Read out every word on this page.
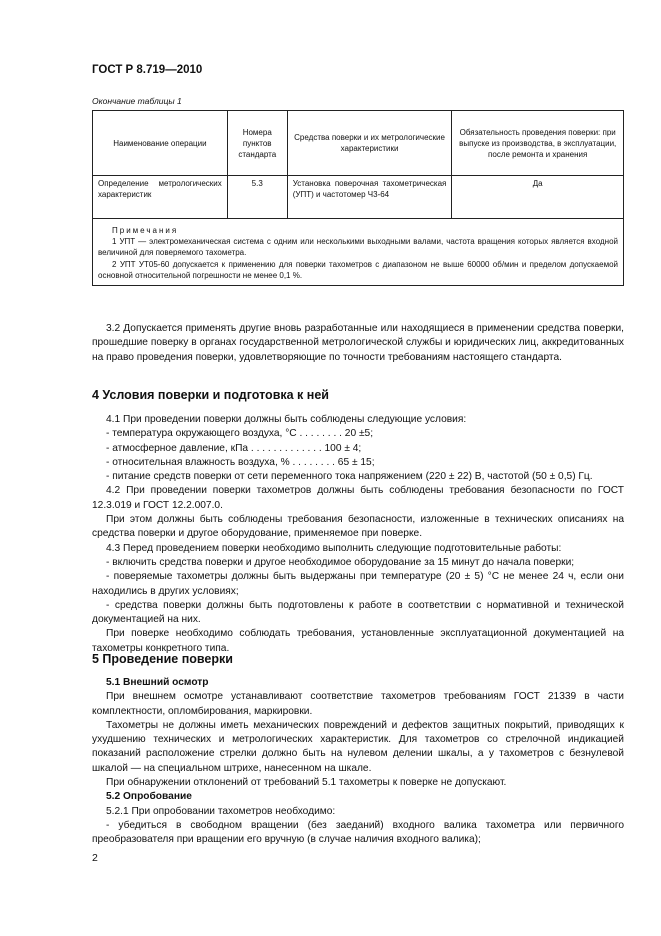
ГОСТ Р 8.719—2010

Окончание таблицы 1

Наименование операции	Номера пунктов стандарта	Средства поверки и их метрологические характеристики	Обязательность проведения поверки: при выпуске из производства, в эксплуатации, после ремонта и хранения
Определение метрологических характеристик	5.3	Установка поверочная тахометрическая (УПТ) и частотомер Ч3-64	Да

Примечания

1 УПТ — электромеханическая система с одним или несколькими выходными валами, частота вращения которых является входной величиной для поверяемого тахометра.

2 УПТ УТ05-60 допускается к применению для поверки тахометров с диапазоном не выше 60000 об/мин и пределом допускаемой основной относительной погрешности не менее 0,1 %.			

3.2 Допускается применять другие вновь разработанные или находящиеся в применении средства поверки, прошедшие поверку в органах государственной метрологической службы и юридических лиц, аккредитованных на право проведения поверки, удовлетворяющие по точности требованиям настоящего стандарта.

4 Условия поверки и подготовка к ней

4.1 При проведении поверки должны быть соблюдены следующие условия:

- температура окружающего воздуха, °С . . . . . . . . 20 ±5;
- атмосферное давление, кПа . . . . . . . . . . . . . 100 ± 4;
- относительная влажность воздуха, % . . . . . . . . 65 ± 15;

- питание средств поверки от сети переменного тока напряжением (220 ± 22) В, частотой (50 ± 0,5) Гц.

4.2 При проведении поверки тахометров должны быть соблюдены требования безопасности по ГОСТ 12.3.019 и ГОСТ 12.2.007.0.

При этом должны быть соблюдены требования безопасности, изложенные в технических описаниях на средства поверки и другое оборудование, применяемое при поверке.

4.3 Перед проведением поверки необходимо выполнить следующие подготовительные работы:

- включить средства поверки и другое необходимое оборудование за 15 минут до начала поверки;

- поверяемые тахометры должны быть выдержаны при температуре (20 ± 5) °С не менее 24 ч, если они находились в других условиях;

- средства поверки должны быть подготовлены к работе в соответствии с нормативной и технической документацией на них.

При поверке необходимо соблюдать требования, установленные эксплуатационной документацией на тахометры конкретного типа.

5 Проведение поверки

5.1 Внешний осмотр

При внешнем осмотре устанавливают соответствие тахометров требованиям ГОСТ 21339 в части комплектности, опломбирования, маркировки.

Тахометры не должны иметь механических повреждений и дефектов защитных покрытий, приводящих к ухудшению технических и метрологических характеристик. Для тахометров со стрелочной индикацией показаний расположение стрелки должно быть на нулевом делении шкалы, а у тахометров с безнулевой шкалой — на специальном штрихе, нанесенном на шкале.

При обнаружении отклонений от требований 5.1 тахометры к поверке не допускают.

5.2 Опробование

5.2.1 При опробовании тахометров необходимо:

- убедиться в свободном вращении (без заеданий) входного валика тахометра или первичного преобразователя при вращении его вручную (в случае наличия входного валика);

2
